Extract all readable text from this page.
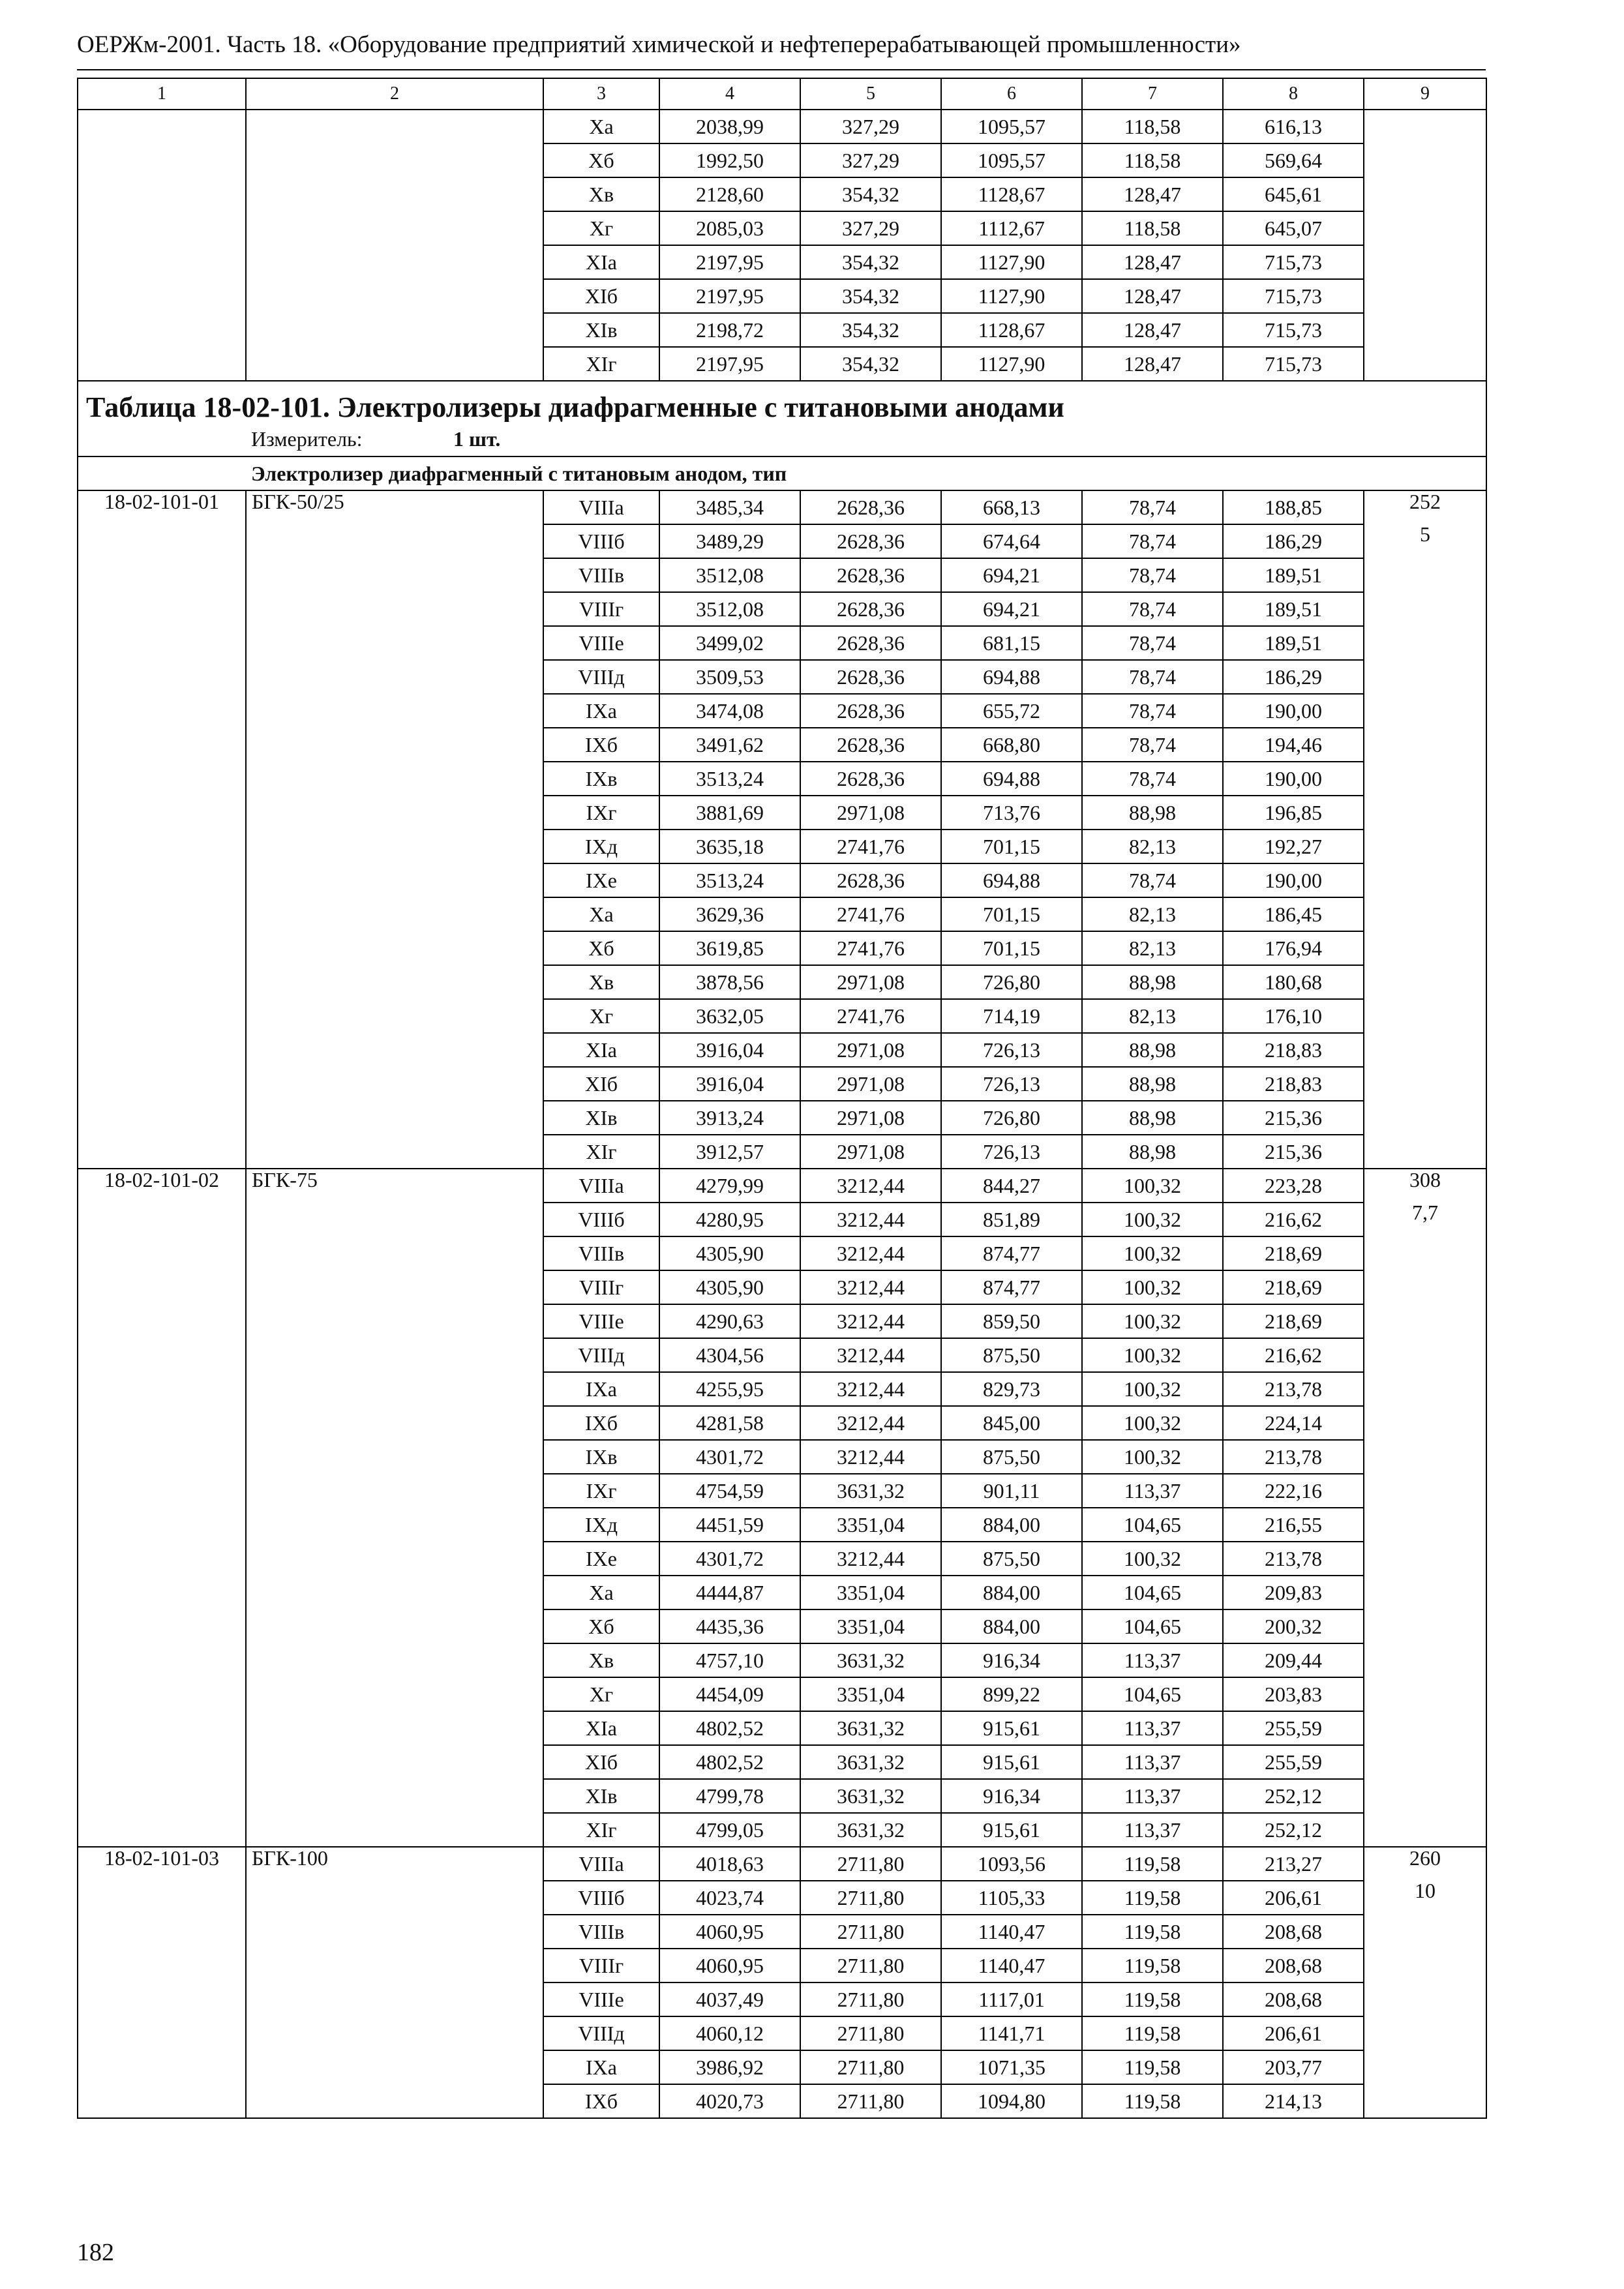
ОЕРЖм-2001. Часть 18. «Оборудование предприятий химической и нефтеперерабатывающей промышленности»
1	2	3	4	5	6	7	8	9
		Xа	2038,99	327,29	1095,57	118,58	616,13	
		Xб	1992,50	327,29	1095,57	118,58	569,64	
		Xв	2128,60	354,32	1128,67	128,47	645,61	
		Xг	2085,03	327,29	1112,67	118,58	645,07	
		XIа	2197,95	354,32	1127,90	128,47	715,73	
		XIб	2197,95	354,32	1127,90	128,47	715,73	
		XIв	2198,72	354,32	1128,67	128,47	715,73	
		XIг	2197,95	354,32	1127,90	128,47	715,73	
Таблица 18-02-101. Электролизеры диафрагменные с титановыми анодами								
Измеритель: 1 шт.								
Электролизер диафрагменный с титановым анодом, тип								
18-02-101-01	БГК-50/25	VIIIа	3485,34	2628,36	668,13	78,74	188,85	252
5

		VIIIб	3489,29	2628,36	674,64	78,74	186,29	
		VIIIв	3512,08	2628,36	694,21	78,74	189,51	
		VIIIг	3512,08	2628,36	694,21	78,74	189,51	
		VIIIе	3499,02	2628,36	681,15	78,74	189,51	
		VIIIд	3509,53	2628,36	694,88	78,74	186,29	
		IXа	3474,08	2628,36	655,72	78,74	190,00	
		IXб	3491,62	2628,36	668,80	78,74	194,46	
		IXв	3513,24	2628,36	694,88	78,74	190,00	
		IXг	3881,69	2971,08	713,76	88,98	196,85	
		IXд	3635,18	2741,76	701,15	82,13	192,27	
		IXе	3513,24	2628,36	694,88	78,74	190,00	
		Xа	3629,36	2741,76	701,15	82,13	186,45	
		Xб	3619,85	2741,76	701,15	82,13	176,94	
		Xв	3878,56	2971,08	726,80	88,98	180,68	
		Xг	3632,05	2741,76	714,19	82,13	176,10	
		XIа	3916,04	2971,08	726,13	88,98	218,83	
		XIб	3916,04	2971,08	726,13	88,98	218,83	
		XIв	3913,24	2971,08	726,80	88,98	215,36	
		XIг	3912,57	2971,08	726,13	88,98	215,36	
18-02-101-02	БГК-75	VIIIа	4279,99	3212,44	844,27	100,32	223,28	308
7,7

		VIIIб	4280,95	3212,44	851,89	100,32	216,62	
		VIIIв	4305,90	3212,44	874,77	100,32	218,69	
		VIIIг	4305,90	3212,44	874,77	100,32	218,69	
		VIIIе	4290,63	3212,44	859,50	100,32	218,69	
		VIIIд	4304,56	3212,44	875,50	100,32	216,62	
		IXа	4255,95	3212,44	829,73	100,32	213,78	
		IXб	4281,58	3212,44	845,00	100,32	224,14	
		IXв	4301,72	3212,44	875,50	100,32	213,78	
		IXг	4754,59	3631,32	901,11	113,37	222,16	
		IXд	4451,59	3351,04	884,00	104,65	216,55	
		IXе	4301,72	3212,44	875,50	100,32	213,78	
		Xа	4444,87	3351,04	884,00	104,65	209,83	
		Xб	4435,36	3351,04	884,00	104,65	200,32	
		Xв	4757,10	3631,32	916,34	113,37	209,44	
		Xг	4454,09	3351,04	899,22	104,65	203,83	
		XIа	4802,52	3631,32	915,61	113,37	255,59	
		XIб	4802,52	3631,32	915,61	113,37	255,59	
		XIв	4799,78	3631,32	916,34	113,37	252,12	
		XIг	4799,05	3631,32	915,61	113,37	252,12	
18-02-101-03	БГК-100	VIIIа	4018,63	2711,80	1093,56	119,58	213,27	260
10

		VIIIб	4023,74	2711,80	1105,33	119,58	206,61	
		VIIIв	4060,95	2711,80	1140,47	119,58	208,68	
		VIIIг	4060,95	2711,80	1140,47	119,58	208,68	
		VIIIе	4037,49	2711,80	1117,01	119,58	208,68	
		VIIIд	4060,12	2711,80	1141,71	119,58	206,61	
		IXа	3986,92	2711,80	1071,35	119,58	203,77	
		IXб	4020,73	2711,80	1094,80	119,58	214,13	
182
